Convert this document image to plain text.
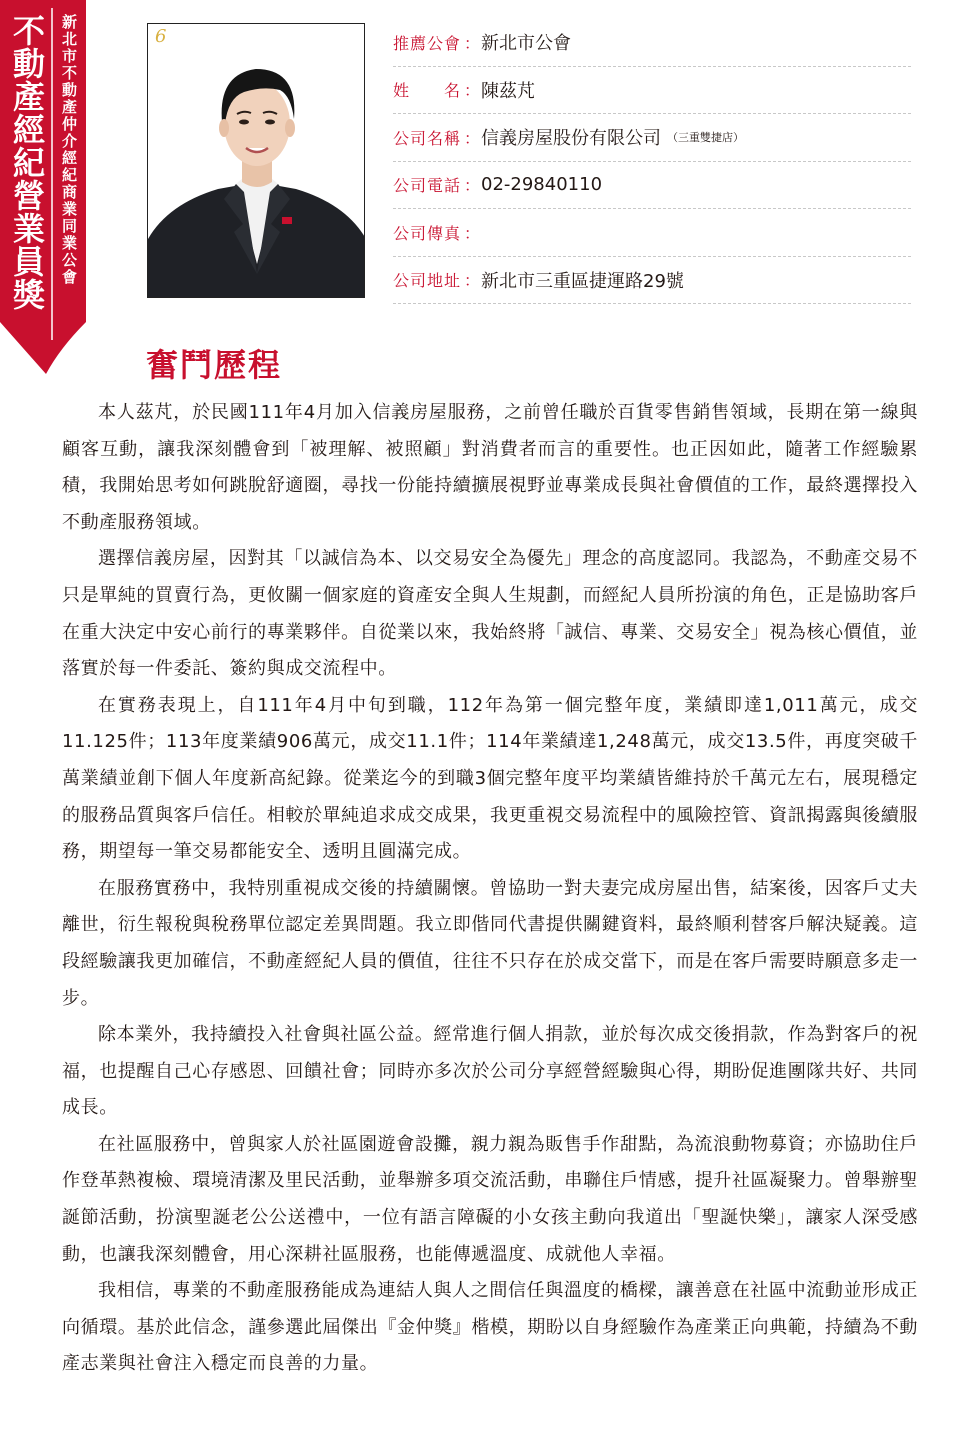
不動產經紀營業員獎 新北市不動產仲介經紀商業同業公會	6	推薦公會 ： 新北市公會
姓　　名 ： 陳茲芃
公司名稱 ： 信義房屋股份有限公司 （三重雙捷店）
公司電話 ： 02-29840110
公司傳真 ：
公司地址 ： 新北市三重區捷運路29號
奮鬥歷程

本人茲芃，於民國111年4月加入信義房屋服務，之前曾任職於百貨零售銷售領域，長期在第一線與顧客互動，讓我深刻體會到「被理解、被照顧」對消費者而言的重要性。也正因如此，隨著工作經驗累積，我開始思考如何跳脫舒適圈，尋找一份能持續擴展視野並專業成長與社會價值的工作，最終選擇投入不動產服務領域。

選擇信義房屋，因對其「以誠信為本、以交易安全為優先」理念的高度認同。我認為，不動產交易不只是單純的買賣行為，更攸關一個家庭的資產安全與人生規劃，而經紀人員所扮演的角色，正是協助客戶在重大決定中安心前行的專業夥伴。自從業以來，我始終將「誠信、專業、交易安全」視為核心價值，並落實於每一件委託、簽約與成交流程中。

在實務表現上，自111年4月中旬到職，112年為第一個完整年度，業績即達1,011萬元，成交11.125件；113年度業績906萬元，成交11.1件；114年業績達1,248萬元，成交13.5件，再度突破千萬業績並創下個人年度新高紀錄。從業迄今的到職3個完整年度平均業績皆維持於千萬元左右，展現穩定的服務品質與客戶信任。相較於單純追求成交成果，我更重視交易流程中的風險控管、資訊揭露與後續服務，期望每一筆交易都能安全、透明且圓滿完成。

在服務實務中，我特別重視成交後的持續關懷。曾協助一對夫妻完成房屋出售，結案後，因客戶丈夫離世，衍生報稅與稅務單位認定差異問題。我立即偕同代書提供關鍵資料，最終順利替客戶解決疑義。這段經驗讓我更加確信，不動產經紀人員的價值，往往不只存在於成交當下，而是在客戶需要時願意多走一步。

除本業外，我持續投入社會與社區公益。經常進行個人捐款，並於每次成交後捐款，作為對客戶的祝福，也提醒自己心存感恩、回饋社會；同時亦多次於公司分享經營經驗與心得，期盼促進團隊共好、共同成長。

在社區服務中，曾與家人於社區園遊會設攤，親力親為販售手作甜點，為流浪動物募資；亦協助住戶作登革熱複檢、環境清潔及里民活動，並舉辦多項交流活動，串聯住戶情感，提升社區凝聚力。曾舉辦聖誕節活動，扮演聖誕老公公送禮中，一位有語言障礙的小女孩主動向我道出「聖誕快樂」，讓家人深受感動，也讓我深刻體會，用心深耕社區服務，也能傳遞溫度、成就他人幸福。

我相信，專業的不動產服務能成為連結人與人之間信任與溫度的橋樑，讓善意在社區中流動並形成正向循環。基於此信念，謹參選此屆傑出『金仲獎』楷模，期盼以自身經驗作為產業正向典範，持續為不動產志業與社會注入穩定而良善的力量。
